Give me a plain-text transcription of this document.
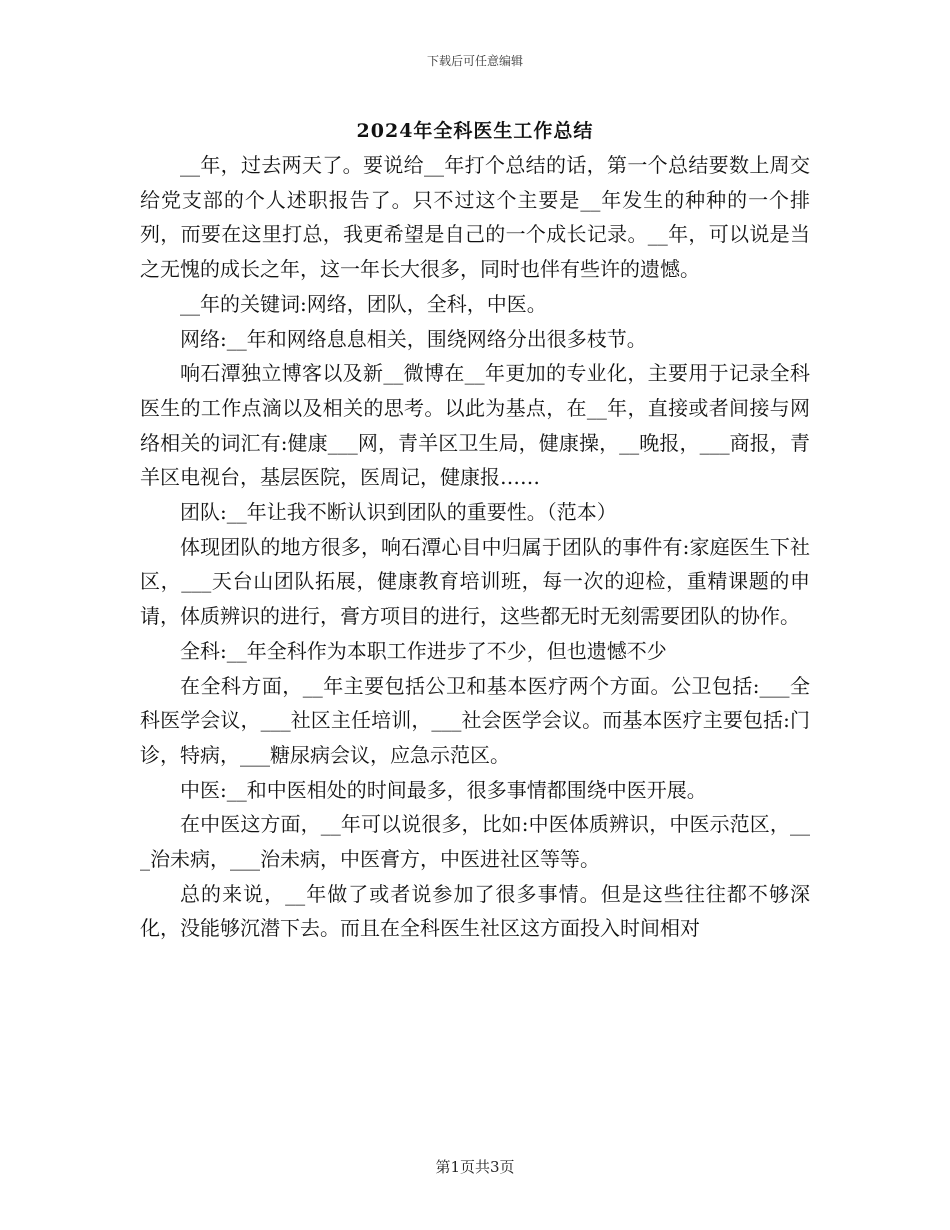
下载后可任意编辑
2024年全科医生工作总结

__年，过去两天了。要说给__年打个总结的话，第一个总结要数上周交给党支部的个人述职报告了。只不过这个主要是__年发生的种种的一个排列，而要在这里打总，我更希望是自己的一个成长记录。__年，可以说是当之无愧的成长之年，这一年长大很多，同时也伴有些许的遗憾。

__年的关键词:网络，团队，全科，中医。

网络:__年和网络息息相关，围绕网络分出很多枝节。

响石潭独立博客以及新__微博在__年更加的专业化，主要用于记录全科医生的工作点滴以及相关的思考。以此为基点，在__年，直接或者间接与网络相关的词汇有:健康___网，青羊区卫生局，健康操，__晚报，___商报，青羊区电视台，基层医院，医周记，健康报……

团队:__年让我不断认识到团队的重要性。（范本）

体现团队的地方很多，响石潭心目中归属于团队的事件有:家庭医生下社区，___天台山团队拓展，健康教育培训班，每一次的迎检，重精课题的申请，体质辨识的进行，膏方项目的进行，这些都无时无刻需要团队的协作。

全科:__年全科作为本职工作进步了不少，但也遗憾不少

在全科方面，__年主要包括公卫和基本医疗两个方面。公卫包括:___全科医学会议，___社区主任培训，___社会医学会议。而基本医疗主要包括:门诊，特病，___糖尿病会议，应急示范区。

中医:__和中医相处的时间最多，很多事情都围绕中医开展。

在中医这方面，__年可以说很多，比如:中医体质辨识，中医示范区，___治未病，___治未病，中医膏方，中医进社区等等。

总的来说，__年做了或者说参加了很多事情。但是这些往往都不够深化，没能够沉潜下去。而且在全科医生社区这方面投入时间相对

第1页共3页
